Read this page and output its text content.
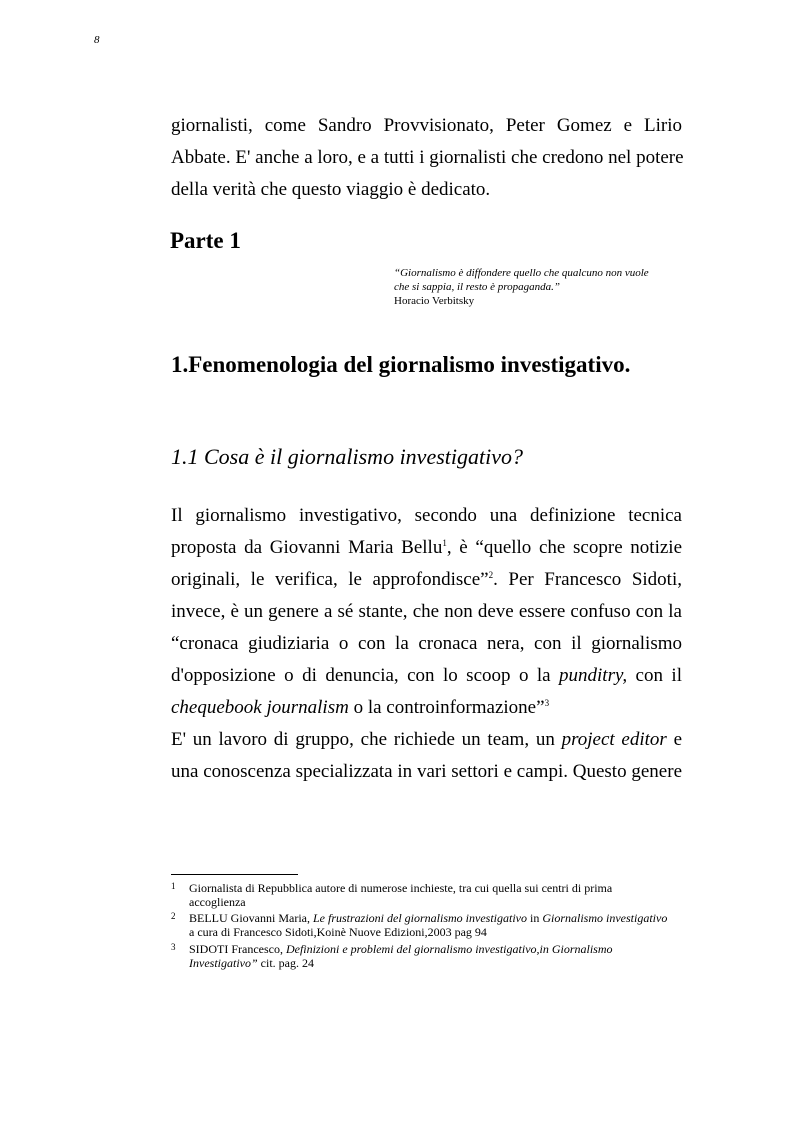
8
giornalisti, come Sandro Provvisionato, Peter Gomez e Lirio
Abbate. E' anche a loro, e a tutti i giornalisti che credono nel potere
della verità che questo viaggio è dedicato.
Parte 1
“Giornalismo è diffondere quello che qualcuno non vuole
che si sappia, il resto è propaganda.”
Horacio Verbitsky
1.Fenomenologia del giornalismo investigativo.
1.1 Cosa è il giornalismo investigativo?
Il giornalismo investigativo, secondo una definizione tecnica
proposta da Giovanni Maria Bellu$^1$, è “quello che scopre notizie
originali, le verifica, le approfondisce”$^2$. Per Francesco Sidoti,
invece, è un genere a sé stante, che non deve essere confuso con la
“cronaca giudiziaria o con la cronaca nera, con il giornalismo
d'opposizione o di denuncia, con lo scoop o la punditry, con il
chequebook journalism o la controinformazione”$^3$
E' un lavoro di gruppo, che richiede un team, un project editor e
una conoscenza specializzata in vari settori e campi. Questo genere
1 Giornalista di Repubblica autore di numerose inchieste, tra cui quella sui centri di prima accoglienza
2 BELLU Giovanni Maria, Le frustrazioni del giornalismo investigativo in Giornalismo investigativo a cura di Francesco Sidoti,Koinè Nuove Edizioni,2003 pag 94
3 SIDOTI Francesco, Definizioni e problemi del giornalismo investigativo,in Giornalismo Investigativo” cit. pag. 24
